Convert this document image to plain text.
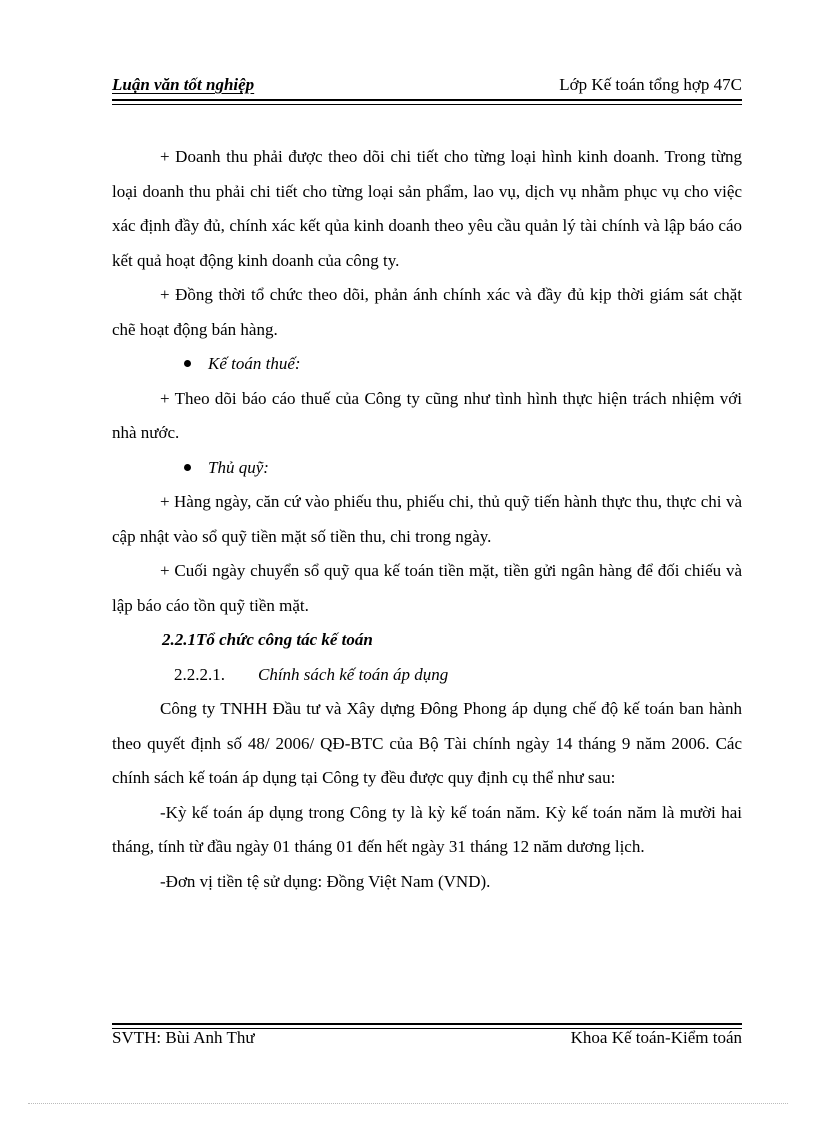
Luận văn tốt nghiệp	Lớp Kế toán tổng hợp 47C

+ Doanh thu phải được theo dõi chi tiết cho từng loại hình kinh doanh. Trong từng loại doanh thu phải chi tiết cho từng loại sản phẩm, lao vụ, dịch vụ nhằm phục vụ cho việc xác định đầy đủ, chính xác kết qủa kinh doanh theo yêu cầu quản lý tài chính và lập báo cáo kết quả hoạt động kinh doanh của công ty.

+ Đồng thời tổ chức theo dõi, phản ánh chính xác và đầy đủ kịp thời giám sát chặt chẽ hoạt động bán hàng.

Kế toán thuế:

+ Theo dõi báo cáo thuế của Công ty cũng như tình hình thực hiện trách nhiệm với nhà nước.

Thủ quỹ:

+ Hàng ngày, căn cứ vào phiếu thu, phiếu chi, thủ quỹ tiến hành thực thu, thực chi và cập nhật vào sổ quỹ tiền mặt số tiền thu, chi trong ngày.

+ Cuối ngày chuyển sổ quỹ qua kế toán tiền mặt, tiền gửi ngân hàng để đối chiếu và lập báo cáo tồn quỹ tiền mặt.

2.2.1Tổ chức công tác kế toán

2.2.2.1. Chính sách kế toán áp dụng

Công ty TNHH Đầu tư và Xây dựng Đông Phong áp dụng chế độ kế toán ban hành theo quyết định số 48/ 2006/ QĐ-BTC của Bộ Tài chính ngày 14 tháng 9 năm 2006. Các chính sách kế toán áp dụng tại Công ty đều được quy định cụ thể như sau:

-Kỳ kế toán áp dụng trong Công ty là kỳ kế toán năm. Kỳ kế toán năm là mười hai tháng, tính từ đầu ngày 01 tháng 01 đến hết ngày 31 tháng 12 năm dương lịch.

-Đơn vị tiền tệ sử dụng: Đồng Việt Nam (VND).

SVTH: Bùi Anh Thư	Khoa Kế toán-Kiểm toán
